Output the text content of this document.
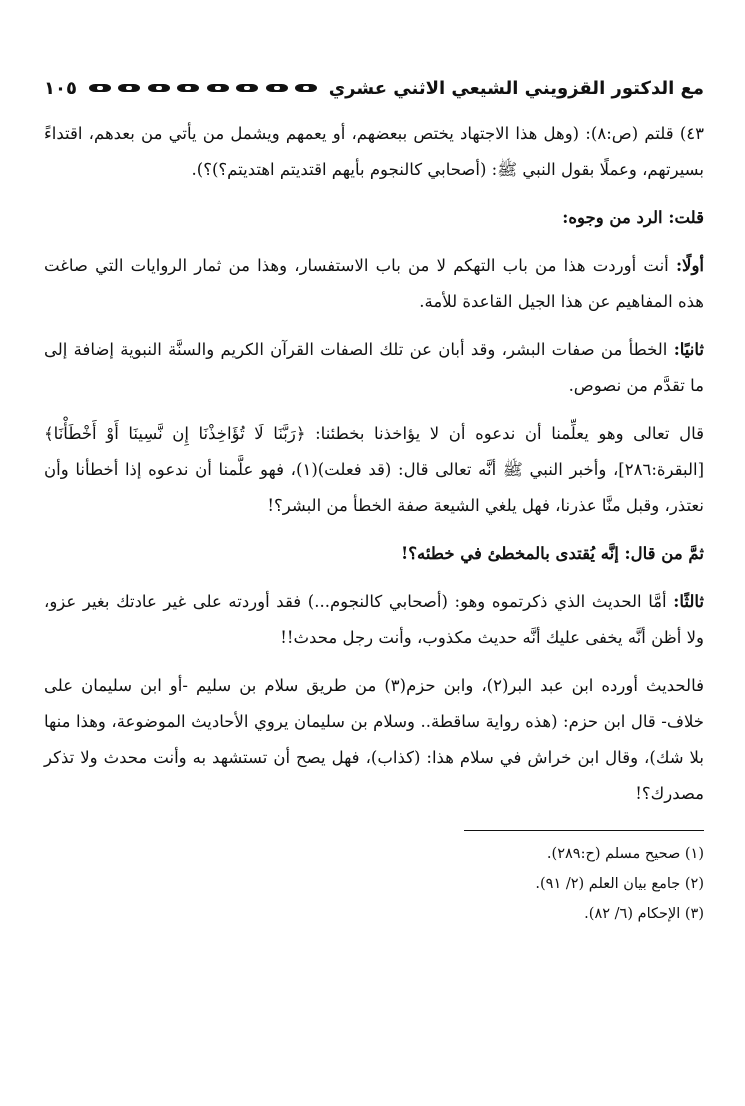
مع الدكتور القزويني الشيعي الاثني عشري
١٠٥

٤٣) قلتم (ص:٨): (وهل هذا الاجتهاد يختص ببعضهم، أو يعمهم ويشمل من يأتي من بعدهم، اقتداءً بسيرتهم، وعملًا بقول النبي ﷺ: (أصحابي كالنجوم بأيهم اقتديتم اهتديتم؟)؟).

قلت: الرد من وجوه:

أولًا: أنت أوردت هذا من باب التهكم لا من باب الاستفسار، وهذا من ثمار الروايات التي صاغت هذه المفاهيم عن هذا الجيل القاعدة للأمة.

ثانيًا: الخطأ من صفات البشر، وقد أبان عن تلك الصفات القرآن الكريم والسنَّة النبوية إضافة إلى ما تقدَّم من نصوص.

قال تعالى وهو يعلِّمنا أن ندعوه أن لا يؤاخذنا بخطئنا: ﴿رَبَّنَا لَا تُؤَاخِذْنَا إِن نَّسِينَا أَوْ أَخْطَأْنَا﴾ [البقرة:٢٨٦]، وأخبر النبي ﷺ أنَّه تعالى قال: (قد فعلت)(١)، فهو علَّمنا أن ندعوه إذا أخطأنا وأن نعتذر، وقبل منَّا عذرنا، فهل يلغي الشيعة صفة الخطأ من البشر؟!

ثمَّ من قال: إنَّه يُقتدى بالمخطئ في خطئه؟!

ثالثًا: أمَّا الحديث الذي ذكرتموه وهو: (أصحابي كالنجوم...) فقد أوردته على غير عادتك بغير عزو، ولا أظن أنَّه يخفى عليك أنَّه حديث مكذوب، وأنت رجل محدث!!

فالحديث أورده ابن عبد البر(٢)، وابن حزم(٣) من طريق سلام بن سليم -أو ابن سليمان على خلاف- قال ابن حزم: (هذه رواية ساقطة.. وسلام بن سليمان يروي الأحاديث الموضوعة، وهذا منها بلا شك)، وقال ابن خراش في سلام هذا: (كذاب)، فهل يصح أن تستشهد به وأنت محدث ولا تذكر مصدرك؟!

(١) صحيح مسلم (ح:٢٨٩).

(٢) جامع بيان العلم (٢/ ٩١).

(٣) الإحكام (٦/ ٨٢).
